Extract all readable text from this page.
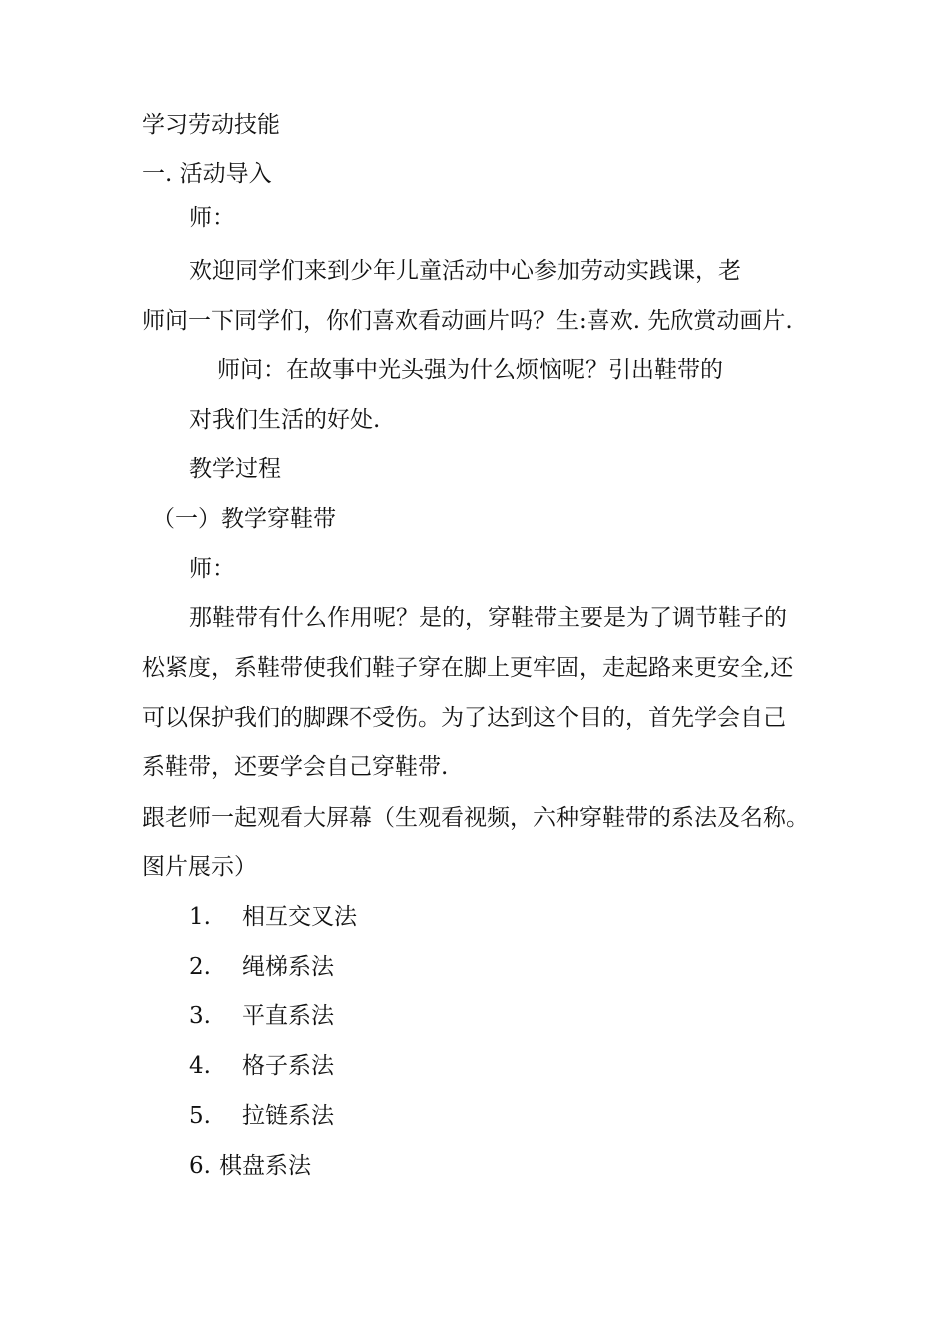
学习劳动技能
一. 活动导入
师：
欢迎同学们来到少年儿童活动中心参加劳动实践课，老
师问一下同学们，你们喜欢看动画片吗？生:喜欢. 先欣赏动画片.
师问：在故事中光头强为什么烦恼呢？引出鞋带的
对我们生活的好处.
教学过程
（一）教学穿鞋带
师：
那鞋带有什么作用呢？是的，穿鞋带主要是为了调节鞋子的
松紧度，系鞋带使我们鞋子穿在脚上更牢固，走起路来更安全,还
可以保护我们的脚踝不受伤。为了达到这个目的，首先学会自己
系鞋带，还要学会自己穿鞋带.
跟老师一起观看大屏幕（生观看视频，六种穿鞋带的系法及名称。
图片展示）
1. 相互交叉法
2. 绳梯系法
3. 平直系法
4. 格子系法
5. 拉链系法
6. 棋盘系法
